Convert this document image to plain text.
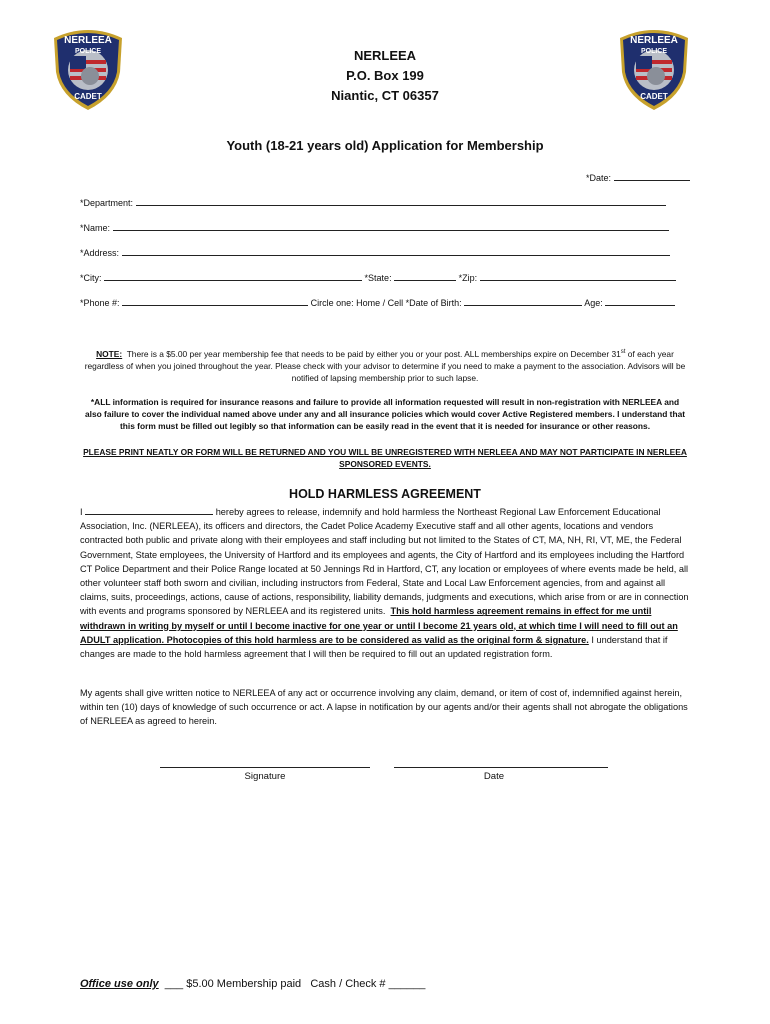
NERLEEA
POLICE
CADET
NERLEEA
POLICE
CADET
NERLEEA
P.O. Box 199
Niantic, CT 06357
Youth (18-21 years old) Application for Membership
*Date:
*Department:
*Name:
*Address:
*City:	*State:	*Zip:
*Phone #:	Circle one: Home / Cell *Date of Birth:	Age:
NOTE: There is a $5.00 per year membership fee that needs to be paid by either you or your post. ALL memberships expire on December 31st of each year regardless of when you joined throughout the year. Please check with your advisor to determine if you need to make a payment to the association. Advisors will be notified of lapsing membership prior to such lapse.
*ALL information is required for insurance reasons and failure to provide all information requested will result in non-registration with NERLEEA and also failure to cover the individual named above under any and all insurance policies which would cover Active Registered members. I understand that this form must be filled out legibly so that information can be easily read in the event that it is needed for insurance or other reasons.
PLEASE PRINT NEATLY OR FORM WILL BE RETURNED AND YOU WILL BE UNREGISTERED WITH NERLEEA AND MAY NOT PARTICIPATE IN NERLEEA SPONSORED EVENTS.
HOLD HARMLESS AGREEMENT
I	hereby agrees to release, indemnify and hold harmless the Northeast Regional Law Enforcement Educational Association, Inc. (NERLEEA), its officers and directors, the Cadet Police Academy Executive staff and all other agents, locations and vendors contracted both public and private along with their employees and staff including but not limited to the States of CT, MA, NH, RI, VT, ME, the Federal Government, State employees, the University of Hartford and its employees and agents, the City of Hartford and its employees including the Hartford CT Police Department and their Police Range located at 50 Jennings Rd in Hartford, CT, any location or employees of where events made be held, all other volunteer staff both sworn and civilian, including instructors from Federal, State and Local Law Enforcement agencies, from and against all claims, suits, proceedings, actions, cause of actions, responsibility, liability demands, judgments and executions, which arise from or are in connection with events and programs sponsored by NERLEEA and its registered units. This hold harmless agreement remains in effect for me until withdrawn in writing by myself or until I become inactive for one year or until I become 21 years old, at which time I will need to fill out an ADULT application. Photocopies of this hold harmless are to be considered as valid as the original form & signature. I understand that if changes are made to the hold harmless agreement that I will then be required to fill out an updated registration form.
My agents shall give written notice to NERLEEA of any act or occurrence involving any claim, demand, or item of cost of, indemnified against herein, within ten (10) days of knowledge of such occurrence or act. A lapse in notification by our agents and/or their agents shall not abrogate the obligations of NERLEEA as agreed to herein.
Signature	Date
Office use only ___ $5.00 Membership paid Cash / Check # ______
